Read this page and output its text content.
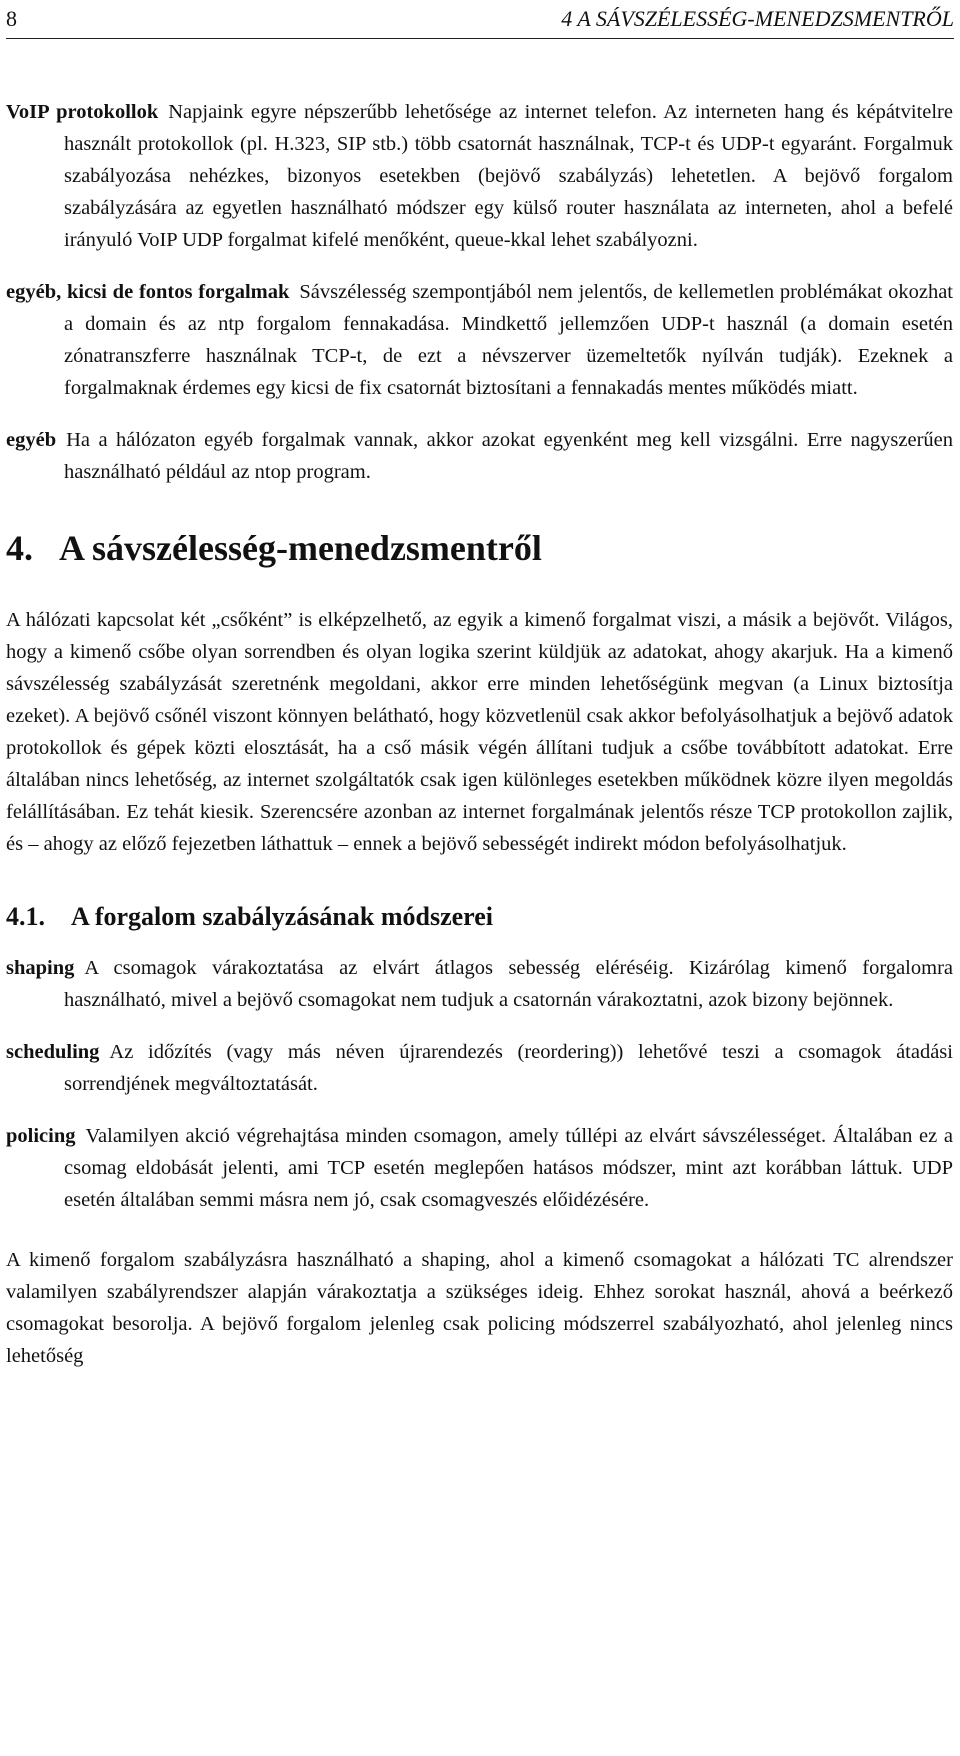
8	4 A SÁVSZÉLESSÉG-MENEDZSMENTRŐL
VoIP protokollok Napjaink egyre népszerűbb lehetősége az internet telefon. Az interneten hang és képátvitelre használt protokollok (pl. H.323, SIP stb.) több csatornát használnak, TCP-t és UDP-t egyaránt. Forgalmuk szabályozása nehézkes, bizonyos esetekben (bejövő szabályzás) lehetetlen. A bejövő forgalom szabályzására az egyetlen használható módszer egy külső router használata az interneten, ahol a befelé irányuló VoIP UDP forgalmat kifelé menőként, queue-kkal lehet szabályozni.
egyéb, kicsi de fontos forgalmak Sávszélesség szempontjából nem jelentős, de kellemetlen problémákat okozhat a domain és az ntp forgalom fennakadása. Mindkettő jellemzően UDP-t használ (a domain esetén zónatranszferre használnak TCP-t, de ezt a névszerver üzemeltetők nyílván tudják). Ezeknek a forgalmaknak érdemes egy kicsi de fix csatornát biztosítani a fennakadás mentes működés miatt.
egyéb Ha a hálózaton egyéb forgalmak vannak, akkor azokat egyenként meg kell vizsgálni. Erre nagyszerűen használható például az ntop program.
4. A sávszélesség-menedzsmentről

A hálózati kapcsolat két „csőként” is elképzelhető, az egyik a kimenő forgalmat viszi, a másik a bejövőt. Világos, hogy a kimenő csőbe olyan sorrendben és olyan logika szerint küldjük az adatokat, ahogy akarjuk. Ha a kimenő sávszélesség szabályzását szeretnénk megoldani, akkor erre minden lehetőségünk megvan (a Linux biztosítja ezeket). A bejövő csőnél viszont könnyen belátható, hogy közvetlenül csak akkor befolyásolhatjuk a bejövő adatok protokollok és gépek közti elosztását, ha a cső másik végén állítani tudjuk a csőbe továbbított adatokat. Erre általában nincs lehetőség, az internet szolgáltatók csak igen különleges esetekben működnek közre ilyen megoldás felállításában. Ez tehát kiesik. Szerencsére azonban az internet forgalmának jelentős része TCP protokollon zajlik, és – ahogy az előző fejezetben láthattuk – ennek a bejövő sebességét indirekt módon befolyásolhatjuk.

4.1. A forgalom szabályzásának módszerei
shaping A csomagok várakoztatása az elvárt átlagos sebesség eléréséig. Kizárólag kimenő forgalomra használható, mivel a bejövő csomagokat nem tudjuk a csatornán várakoztatni, azok bizony bejönnek.
scheduling Az időzítés (vagy más néven újrarendezés (reordering)) lehetővé teszi a csomagok átadási sorrendjének megváltoztatását.
policing Valamilyen akció végrehajtása minden csomagon, amely túllépi az elvárt sávszélességet. Általában ez a csomag eldobását jelenti, ami TCP esetén meglepően hatásos módszer, mint azt korábban láttuk. UDP esetén általában semmi másra nem jó, csak csomagveszés előidézésére.

A kimenő forgalom szabályzásra használható a shaping, ahol a kimenő csomagokat a hálózati TC alrendszer valamilyen szabályrendszer alapján várakoztatja a szükséges ideig. Ehhez sorokat használ, ahová a beérkező csomagokat besorolja. A bejövő forgalom jelenleg csak policing módszerrel szabályozható, ahol jelenleg nincs lehetőség
